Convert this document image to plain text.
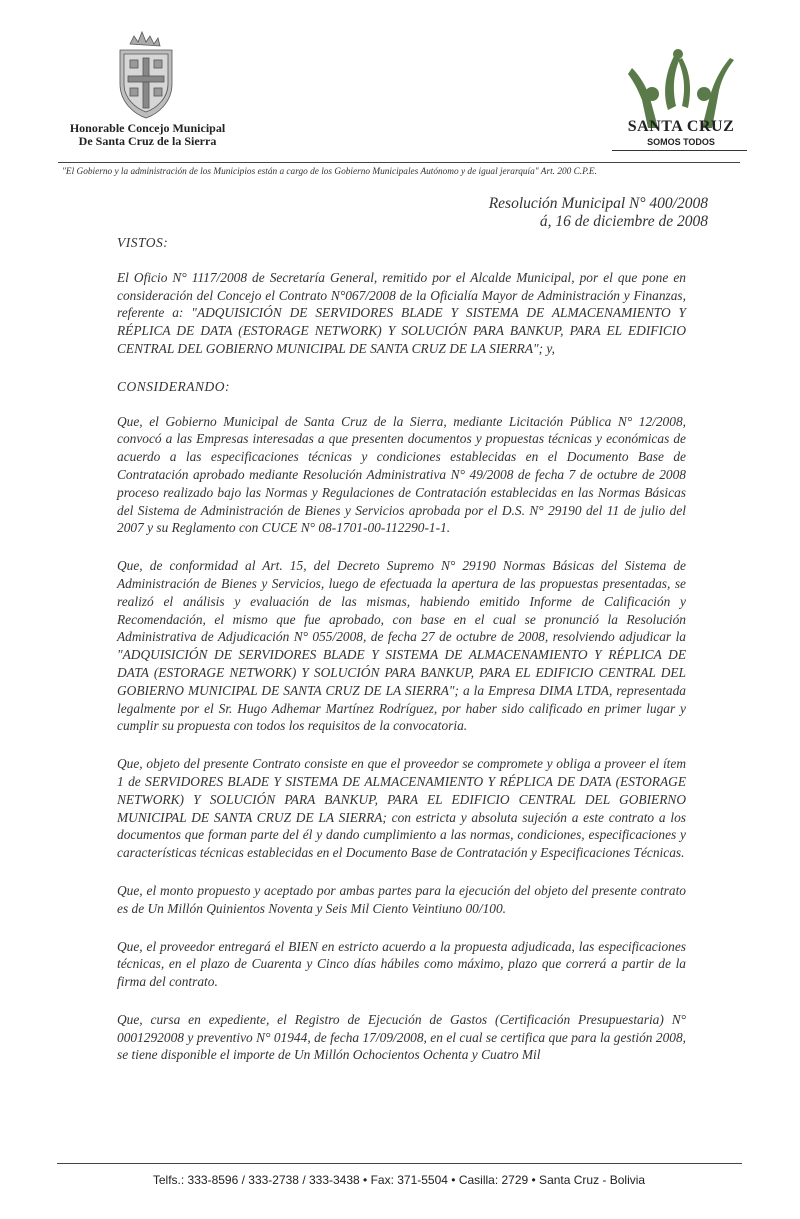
Honorable Concejo Municipal
De Santa Cruz de la Sierra
SANTA CRUZ
SOMOS TODOS
"El Gobierno y la administración de los Municipios están a cargo de los Gobierno Municipales Autónomo y de igual jerarquía" Art. 200 C.P.E.
Resolución Municipal N° 400/2008
á, 16 de diciembre de 2008

VISTOS:

El Oficio N° 1117/2008 de Secretaría General, remitido por el Alcalde Municipal, por el que pone en consideración del Concejo el Contrato N°067/2008 de la Oficialía Mayor de Administración y Finanzas, referente a: "ADQUISICIÓN DE SERVIDORES BLADE Y SISTEMA DE ALMACENAMIENTO Y RÉPLICA DE DATA (ESTORAGE NETWORK) Y SOLUCIÓN PARA BANKUP, PARA EL EDIFICIO CENTRAL DEL GOBIERNO MUNICIPAL DE SANTA CRUZ DE LA SIERRA"; y,

CONSIDERANDO:

Que, el Gobierno Municipal de Santa Cruz de la Sierra, mediante Licitación Pública N° 12/2008, convocó a las Empresas interesadas a que presenten documentos y propuestas técnicas y económicas de acuerdo a las especificaciones técnicas y condiciones establecidas en el Documento Base de Contratación aprobado mediante Resolución Administrativa N° 49/2008 de fecha 7 de octubre de 2008 proceso realizado bajo las Normas y Regulaciones de Contratación establecidas en las Normas Básicas del Sistema de Administración de Bienes y Servicios aprobada por el D.S. N° 29190 del 11 de julio del 2007 y su Reglamento con CUCE N° 08-1701-00-112290-1-1.

Que, de conformidad al Art. 15, del Decreto Supremo N° 29190 Normas Básicas del Sistema de Administración de Bienes y Servicios, luego de efectuada la apertura de las propuestas presentadas, se realizó el análisis y evaluación de las mismas, habiendo emitido Informe de Calificación y Recomendación, el mismo que fue aprobado, con base en el cual se pronunció la Resolución Administrativa de Adjudicación N° 055/2008, de fecha 27 de octubre de 2008, resolviendo adjudicar la "ADQUISICIÓN DE SERVIDORES BLADE Y SISTEMA DE ALMACENAMIENTO Y RÉPLICA DE DATA (ESTORAGE NETWORK) Y SOLUCIÓN PARA BANKUP, PARA EL EDIFICIO CENTRAL DEL GOBIERNO MUNICIPAL DE SANTA CRUZ DE LA SIERRA"; a la Empresa DIMA LTDA, representada legalmente por el Sr. Hugo Adhemar Martínez Rodríguez, por haber sido calificado en primer lugar y cumplir su propuesta con todos los requisitos de la convocatoria.

Que, objeto del presente Contrato consiste en que el proveedor se compromete y obliga a proveer el ítem 1 de SERVIDORES BLADE Y SISTEMA DE ALMACENAMIENTO Y RÉPLICA DE DATA (ESTORAGE NETWORK) Y SOLUCIÓN PARA BANKUP, PARA EL EDIFICIO CENTRAL DEL GOBIERNO MUNICIPAL DE SANTA CRUZ DE LA SIERRA; con estricta y absoluta sujeción a este contrato a los documentos que forman parte del él y dando cumplimiento a las normas, condiciones, especificaciones y características técnicas establecidas en el Documento Base de Contratación y Especificaciones Técnicas.

Que, el monto propuesto y aceptado por ambas partes para la ejecución del objeto del presente contrato es de Un Millón Quinientos Noventa y Seis Mil Ciento Veintiuno 00/100.

Que, el proveedor entregará el BIEN en estricto acuerdo a la propuesta adjudicada, las especificaciones técnicas, en el plazo de Cuarenta y Cinco días hábiles como máximo, plazo que correrá a partir de la firma del contrato.

Que, cursa en expediente, el Registro de Ejecución de Gastos (Certificación Presupuestaria) N° 0001292008 y preventivo N° 01944, de fecha 17/09/2008, en el cual se certifica que para la gestión 2008, se tiene disponible el importe de Un Millón Ochocientos Ochenta y Cuatro Mil

Telfs.: 333-8596 / 333-2738 / 333-3438 • Fax: 371-5504 • Casilla: 2729 • Santa Cruz - Bolivia
